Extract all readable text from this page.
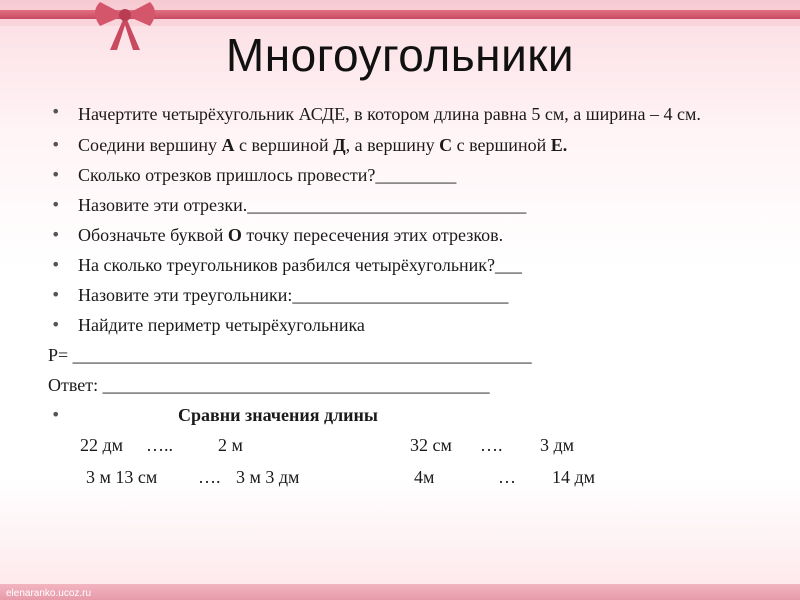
Многоугольники
• Начертите четырёхугольник АСДЕ, в котором длина равна 5 см, а ширина – 4 см.
• Соедини вершину А с вершиной Д, а вершину С с вершиной Е.
• Сколько отрезков пришлось провести?_________
• Назовите эти отрезки._______________________________
• Обозначьте буквой О точку пересечения этих отрезков.
• На сколько треугольников разбился четырёхугольник?___
• Назовите эти треугольники:________________________
• Найдите периметр четырёхугольника
Р= ___________________________________________________
Ответ: ___________________________________________
• Сравни значения длины
22 дм …..	2 м	32 см …. 3 дм
3 м 13 см …. 3 м 3 дм	4м	… 14 дм
elenaranko.ucoz.ru
